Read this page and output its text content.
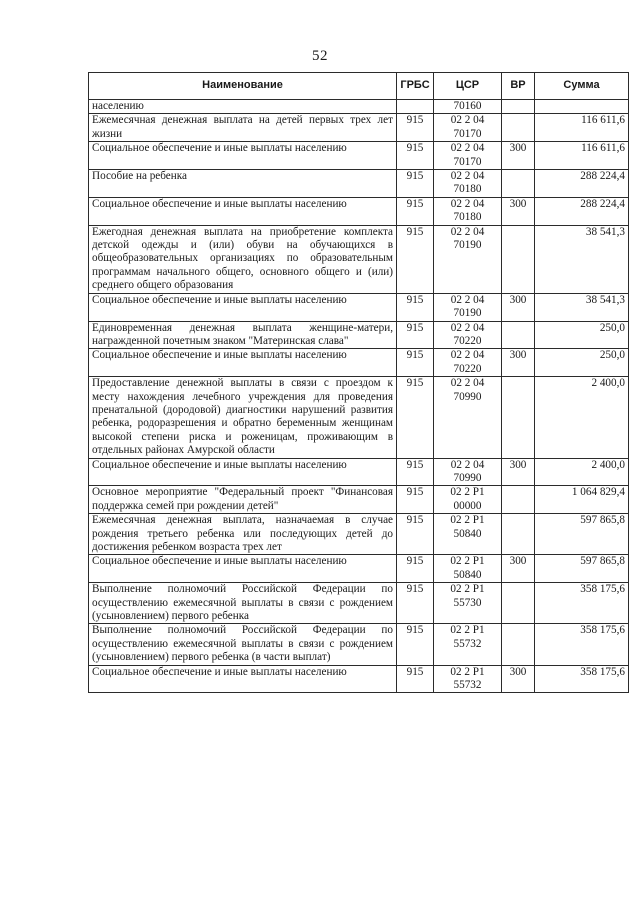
52
Наименование	ГРБС	ЦСР	ВР	Сумма
населению		70160		
Ежемесячная денежная выплата на детей первых трех лет жизни	915	02 2 04 70170		116 611,6
Социальное обеспечение и иные выплаты населению	915	02 2 04 70170	300	116 611,6
Пособие на ребенка	915	02 2 04 70180		288 224,4
Социальное обеспечение и иные выплаты населению	915	02 2 04 70180	300	288 224,4
Ежегодная денежная выплата на приобретение комплекта детской одежды и (или) обуви на обучающихся в общеобразовательных организациях по образовательным программам начального общего, основного общего и (или) среднего общего образования	915	02 2 04 70190		38 541,3
Социальное обеспечение и иные выплаты населению	915	02 2 04 70190	300	38 541,3
Единовременная денежная выплата женщине-матери, награжденной почетным знаком "Материнская слава"	915	02 2 04 70220		250,0
Социальное обеспечение и иные выплаты населению	915	02 2 04 70220	300	250,0
Предоставление денежной выплаты в связи с проездом к месту нахождения лечебного учреждения для проведения пренатальной (дородовой) диагностики нарушений развития ребенка, родоразрешения и обратно беременным женщинам высокой степени риска и роженицам, проживающим в отдельных районах Амурской области	915	02 2 04 70990		2 400,0
Социальное обеспечение и иные выплаты населению	915	02 2 04 70990	300	2 400,0
Основное мероприятие "Федеральный проект "Финансовая поддержка семей при рождении детей"	915	02 2 P1 00000		1 064 829,4
Ежемесячная денежная выплата, назначаемая в случае рождения третьего ребенка или последующих детей до достижения ребенком возраста трех лет	915	02 2 P1 50840		597 865,8
Социальное обеспечение и иные выплаты населению	915	02 2 P1 50840	300	597 865,8
Выполнение полномочий Российской Федерации по осуществлению ежемесячной выплаты в связи с рождением (усыновлением) первого ребенка	915	02 2 P1 55730		358 175,6
Выполнение полномочий Российской Федерации по осуществлению ежемесячной выплаты в связи с рождением (усыновлением) первого ребенка (в части выплат)	915	02 2 P1 55732		358 175,6
Социальное обеспечение и иные выплаты населению	915	02 2 P1 55732	300	358 175,6
